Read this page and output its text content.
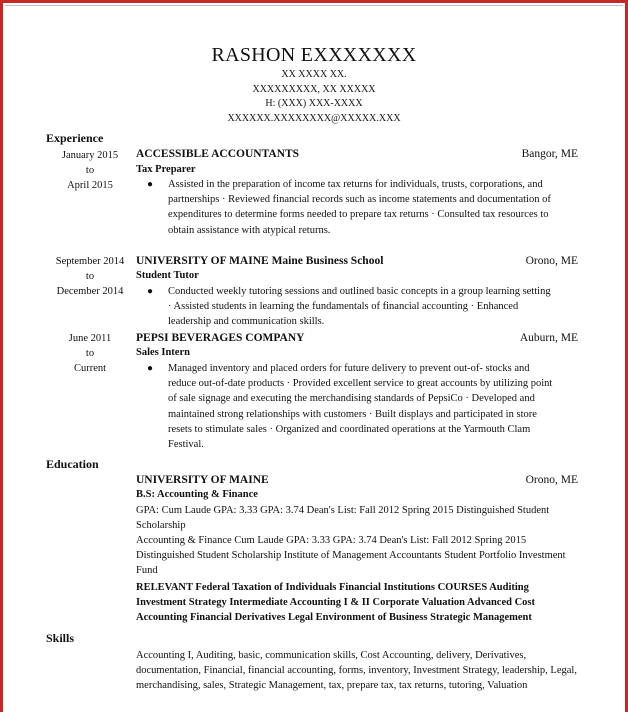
RASHON EXXXXXXX
XX XXXX XX.
XXXXXXXXX, XX XXXXX
H: (XXX) XXX-XXXX
XXXXXX.XXXXXXXX@XXXXX.XXX
Experience
January 2015
to
April 2015
ACCESSIBLE ACCOUNTANTS	Bangor, ME
Tax Preparer
● Assisted in the preparation of income tax returns for individuals, trusts, corporations, and partnerships · Reviewed financial records such as income statements and documentation of expenditures to determine forms needed to prepare tax returns · Consulted tax resources to obtain assistance with atypical returns.
September 2014
to
December 2014
UNIVERSITY OF MAINE Maine Business School	Orono, ME
Student Tutor
● Conducted weekly tutoring sessions and outlined basic concepts in a group learning setting · Assisted students in learning the fundamentals of financial accounting · Enhanced leadership and communication skills.
June 2011
to
Current
PEPSI BEVERAGES COMPANY	Auburn, ME
Sales Intern
● Managed inventory and placed orders for future delivery to prevent out-of- stocks and reduce out-of-date products · Provided excellent service to great accounts by utilizing point of sale signage and executing the merchandising standards of PepsiCo · Developed and maintained strong relationships with customers · Built displays and participated in store resets to stimulate sales · Organized and coordinated operations at the Yarmouth Clam Festival.
Education
UNIVERSITY OF MAINE	Orono, ME
B.S: Accounting & Finance
GPA: Cum Laude GPA: 3.33 GPA: 3.74 Dean's List: Fall 2012 Spring 2015 Distinguished Student Scholarship
Accounting & Finance Cum Laude GPA: 3.33 GPA: 3.74 Dean's List: Fall 2012 Spring 2015 Distinguished Student Scholarship Institute of Management Accountants Student Portfolio Investment Fund
RELEVANT Federal Taxation of Individuals Financial Institutions COURSES Auditing Investment Strategy Intermediate Accounting I & II Corporate Valuation Advanced Cost Accounting Financial Derivatives Legal Environment of Business Strategic Management
Skills
Accounting I, Auditing, basic, communication skills, Cost Accounting, delivery, Derivatives, documentation, Financial, financial accounting, forms, inventory, Investment Strategy, leadership, Legal, merchandising, sales, Strategic Management, tax, prepare tax, tax returns, tutoring, Valuation
